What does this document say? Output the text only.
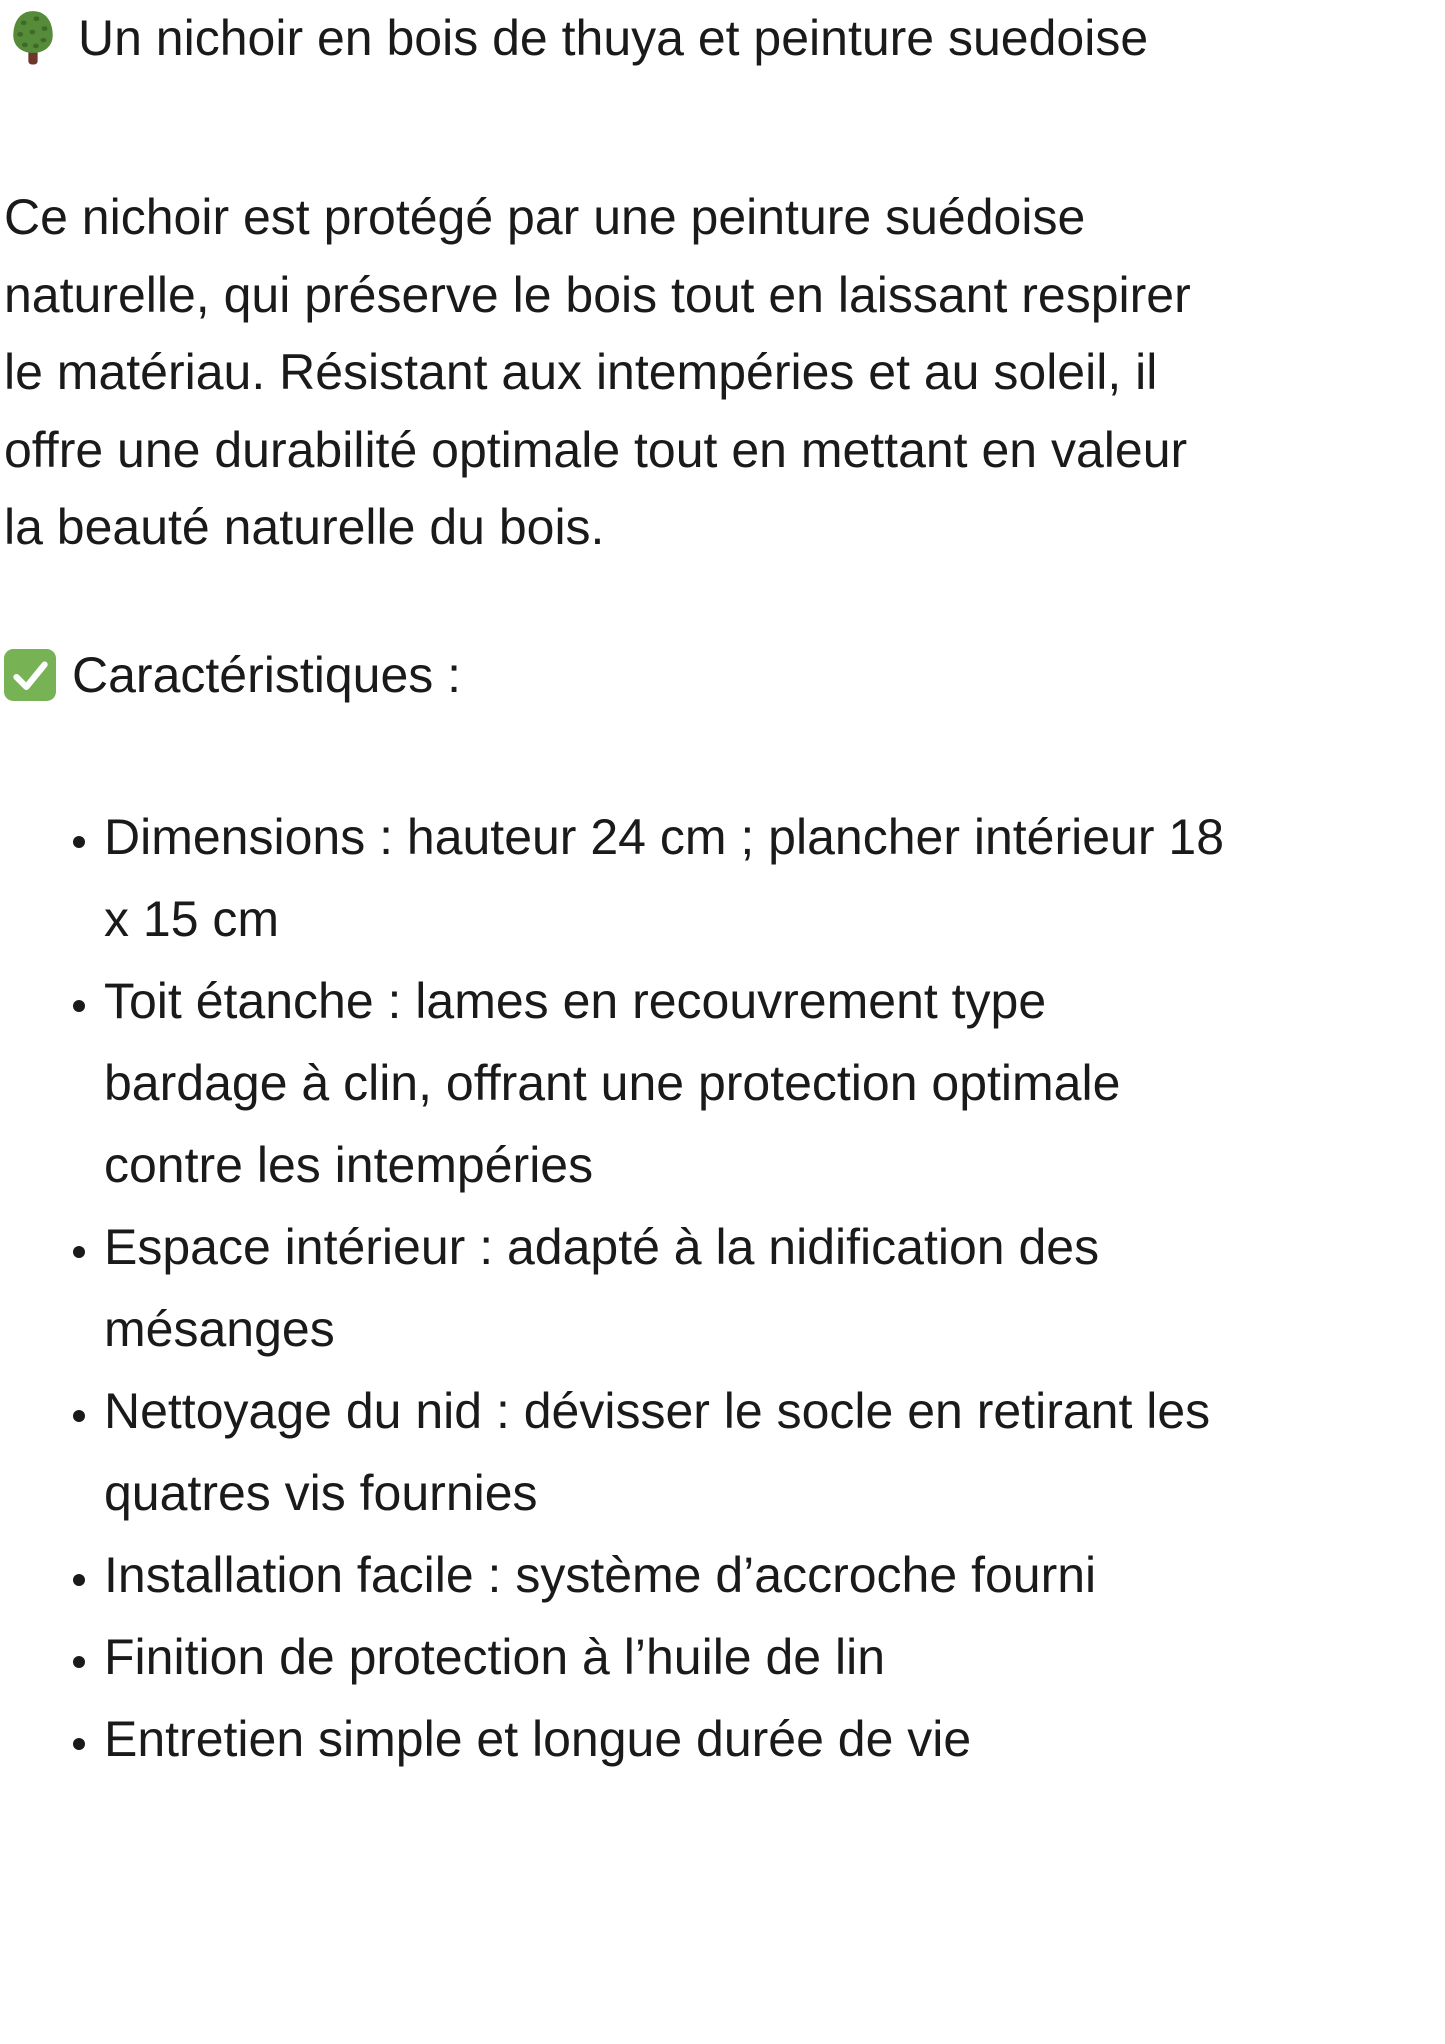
Un nichoir en bois de thuya et peinture suedoise

Ce nichoir est protégé par une peinture suédoise naturelle, qui préserve le bois tout en laissant respirer le matériau. Résistant aux intempéries et au soleil, il offre une durabilité optimale tout en mettant en valeur la beauté naturelle du bois.

Caractéristiques :
• Dimensions : hauteur 24 cm ; plancher intérieur 18 x 15 cm
• Toit étanche : lames en recouvrement type bardage à clin, offrant une protection optimale contre les intempéries
• Espace intérieur : adapté à la nidification des mésanges
• Nettoyage du nid : dévisser le socle en retirant les quatres vis fournies
• Installation facile : système d’accroche fourni
• Finition de protection à l’huile de lin
• Entretien simple et longue durée de vie
